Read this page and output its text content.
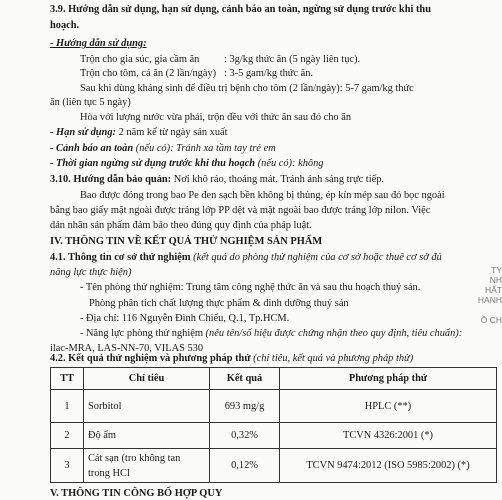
3.9. Hướng dẫn sử dụng, hạn sử dụng, cảnh báo an toàn, ngừng sử dụng trước khi thu
hoạch.
- Hướng dẫn sử dụng:
Trộn cho gia súc, gia cầm ăn : 3g/kg thức ăn (5 ngày liên tục).
Trộn cho tôm, cá ăn (2 lần/ngày) : 3-5 gam/kg thức ăn.
Sau khi dùng kháng sinh để điều trị bệnh cho tôm (2 lần/ngày): 5-7 gam/kg thức
ăn (liên tục 5 ngày)
Hòa với lượng nước vừa phải, trộn đều với thức ăn sau đó cho ăn
- Hạn sử dụng: 2 năm kể từ ngày sản xuất
- Cảnh báo an toàn (nếu có): Tránh xa tầm tay trẻ em
- Thời gian ngừng sử dụng trước khi thu hoạch (nếu có): không
3.10. Hướng dẫn bảo quản: Nơi khô ráo, thoáng mát. Tránh ánh sáng trực tiếp.
Bao được đóng trong bao Pe đen sạch bền không bị thủng, ép kín mép sau đó bọc ngoài
bằng bao giấy mặt ngoài được tráng lớp PP dệt và mặt ngoài bao được tráng lớp nilon. Việc
dán nhãn sản phẩm đảm bảo theo đúng quy định của pháp luật.
IV. THÔNG TIN VỀ KẾT QUẢ THỬ NGHIỆM SẢN PHẨM
4.1. Thông tin cơ sở thử nghiệm (kết quả do phòng thử nghiệm của cơ sở hoặc thuê cơ sở đủ
năng lực thực hiện)
- Tên phòng thử nghiệm: Trung tâm công nghệ thức ăn và sau thu hoạch thuỷ sản.
Phòng phân tích chất lượng thực phẩm & dinh dưỡng thuỷ sản
- Địa chỉ: 116 Nguyễn Đình Chiểu, Q.1, Tp.HCM.
- Năng lực phòng thử nghiệm (nêu tên/số hiệu được chứng nhận theo quy định, tiêu chuẩn):
ilac-MRA, LAS-NN-70, VILAS 530
4.2. Kết quả thử nghiệm và phương pháp thử (chỉ tiêu, kết quả và phương pháp thử)
TT	Chỉ tiêu	Kết quả	Phương pháp thử
1	Sorbitol	693 mg/g	HPLC (**)
2	Độ ẩm	0,32%	TCVN 4326:2001 (*)
3	Cát sạn (tro không tan
trong HCl	0,12%	TCVN 9474:2012 (ISO 5985:2002) (*)
V. THÔNG TIN CÔNG BỐ HỢP QUY
TY
NH
HẤT
HANH
Ồ CH
